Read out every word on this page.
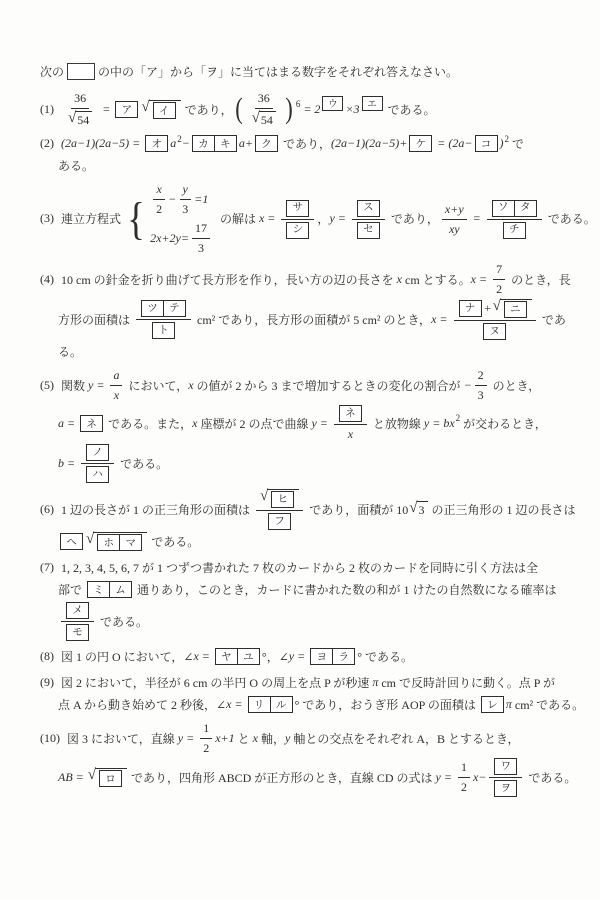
次の	の中の「ア」から「ヲ」に当てはまる数字をそれぞれ答えなさい。
$(1) \frac{36}{√ 54}$ = ア √ イ	であり， ( $\frac{36}{√ 54}$ ) 6 = 2 ウ ×3 エ である。
(2) (2a−1)(2a−5) = オ a 2 − カ	キ a+ ク であり， (2a−1)(2a−5)+ ケ = (2a− コ ) 2 で
ある。
(3) 連立方程式 { $\frac{x}{2} - \frac{y}{3} =1$
$2x+2y= \frac{17}{3}$
の解は $x = \frac{\text{サ}}{\text{シ}}$ ， $y = \frac{\text{ス}}{\text{セ}}$ であり， $\frac{x+y}{xy}$ = ソ	タ
チ である。
(4) 10 cm の針金を折り曲げて長方形を作り，長い方の辺の長さを x cm とする。 $x = \frac{7}{2}$ のとき，長
方形の面積は ツ	テ
ト cm² であり，長方形の面積が 5 cm² のとき， $x = \frac{\text{ナ + √ ニ}}{\text{ヌ}}$ であ
る。
(5) 関数 $y = \frac{a}{x}$ において， x の値が 2 から 3 まで増加するときの変化の割合が − $\frac{2}{3}$ のとき，
a = ネ である。また， x 座標が 2 の点で曲線 $y = \frac{\text{ネ}}{x}$ と放物線 y = bx 2 が交わるとき，
$b = \frac{\text{ノ}}{\text{ハ}}$ である。
(6) 1 辺の長さが 1 の正三角形の面積は $\frac{\text{√ ヒ}}{\text{フ}}$ であり，面積が 10 √ 3 の正三角形の 1 辺の長さは
ヘ √ ホ	マ	である。
(7) 1, 2, 3, 4, 5, 6, 7 が 1 つずつ書かれた 7 枚のカードから 2 枚のカードを同時に引く方法は全
部で ミ	ム 通りあり，このとき，カードに書かれた数の和が 1 けたの自然数になる確率は
$\frac{\text{メ}}{\text{モ}}$ である。
(8) 図 1 の円 O において，∠ x = ヤ	ユ °，∠ y = ヨ	ラ ° である。
(9) 図 2 において，半径が 6 cm の半円 O の周上を点 P が秒速 π cm で反時計回りに動く。点 P が
点 A から動き始めて 2 秒後，∠ x = リ	ル ° であり，おうぎ形 AOP の面積は レ π cm² である。
(10) 図 3 において，直線 $y = \frac{1}{2} x+1$ と x 軸， y 軸との交点をそれぞれ A，B とするとき，
AB = √ ロ	であり，四角形 ABCD が正方形のとき，直線 CD の式は $y = \frac{1}{2} x- \frac{\text{ワ}}{\text{ヲ}}$ である。
